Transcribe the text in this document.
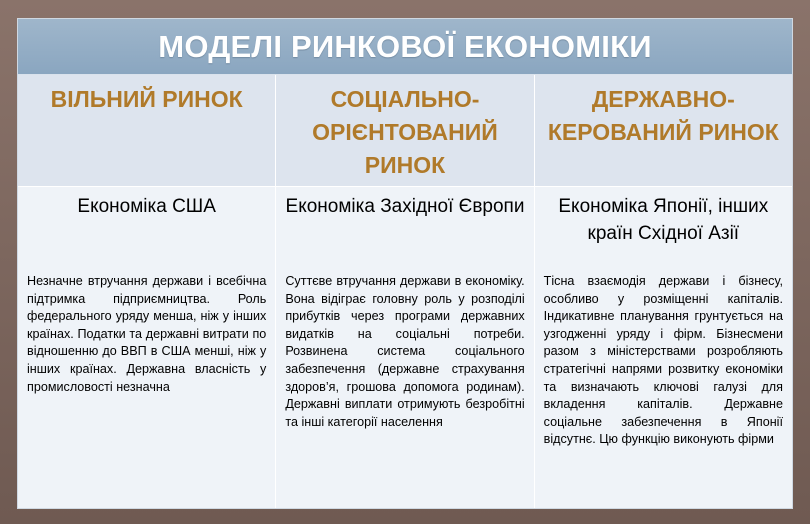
МОДЕЛІ РИНКОВОЇ ЕКОНОМІКИ
ВІЛЬНИЙ РИНОК	СОЦІАЛЬНО-ОРІЄНТОВАНИЙ РИНОК
ДЕРЖАВНО-КЕРОВАНИЙ РИНОК
Економіка США
Незначне втручання держави і всебічна підтримка підприємництва. Роль федерального уряду менша, ніж у інших країнах. Податки та державні витрати по відношенню до ВВП в США менші, ніж у інших країнах. Державна власність у промисловості незначна
Економіка Західної Європи
Суттєве втручання держави в економіку. Вона відіграє головну роль у розподілі прибутків через програми державних видатків на соціальні потреби. Розвинена система соціального забезпечення (державне страхування здоров’я, грошова допомога родинам). Державні виплати отримують безробітні та інші категорії населення
Економіка Японії, інших країн Східної Азії
Тісна взаємодія держави і бізнесу, особливо у розміщенні капіталів. Індикативне планування грунтується на узгодженні уряду і фірм. Бізнесмени разом з міністерствами розробляють стратегічні напрями розвитку економіки та визначають ключові галузі для вкладення капіталів. Державне соціальне забезпечення в Японії відсутнє. Цю функцію виконують фірми
